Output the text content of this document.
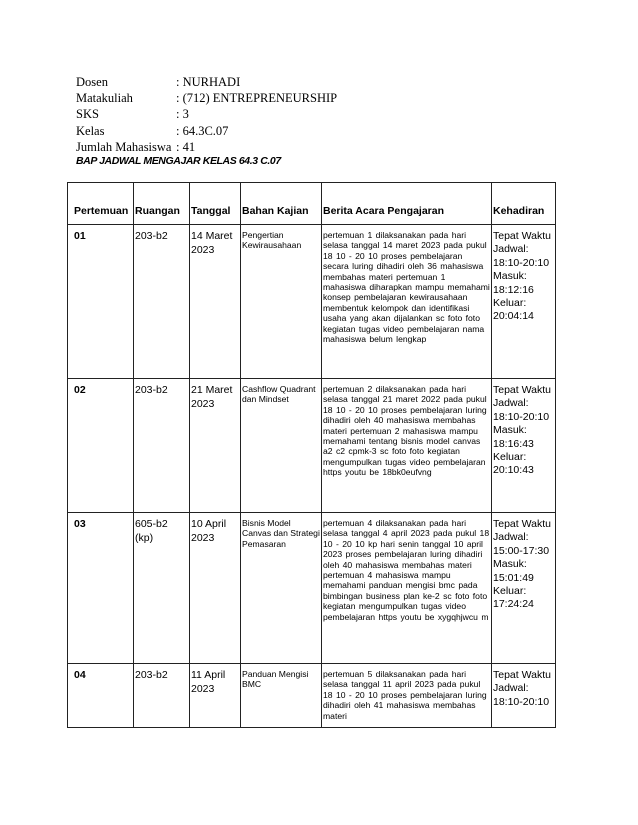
Dosen	: NURHADI
Matakuliah	: (712) ENTREPRENEURSHIP
SKS	: 3
Kelas	: 64.3C.07
Jumlah Mahasiswa : 41
BAP JADWAL MENGAJAR KELAS 64.3 C.07
Pertemuan	Ruangan	Tanggal	Bahan Kajian	Berita Acara Pengajaran	Kehadiran
01	203-b2	14 Maret 2023	Pengertian Kewirausahaan	pertemuan 1 dilaksanakan pada hari selasa tanggal 14 maret 2023 pada pukul 18 10 - 20 10 proses pembelajaran secara luring dihadiri oleh 36 mahasiswa membahas materi pertemuan 1 mahasiswa diharapkan mampu memahami konsep pembelajaran kewirausahaan membentuk kelompok dan identifikasi usaha yang akan dijalankan sc foto foto kegiatan tugas video pembelajaran nama mahasiswa belum lengkap	Tepat Waktu Jadwal: 18:10-20:10 Masuk: 18:12:16 Keluar: 20:04:14
02	203-b2	21 Maret 2023	Cashflow Quadrant dan Mindset	pertemuan 2 dilaksanakan pada hari selasa tanggal 21 maret 2022 pada pukul 18 10 - 20 10 proses pembelajaran luring dihadiri oleh 40 mahasiswa membahas materi pertemuan 2 mahasiswa mampu memahami tentang bisnis model canvas a2 c2 cpmk-3 sc foto foto kegiatan mengumpulkan tugas video pembelajaran https youtu be 18bk0eufvng	Tepat Waktu Jadwal: 18:10-20:10 Masuk: 18:16:43 Keluar: 20:10:43
03	605-b2 (kp)	10 April 2023	Bisnis Model Canvas dan Strategi Pemasaran	pertemuan 4 dilaksanakan pada hari selasa tanggal 4 april 2023 pada pukul 18 10 - 20 10 kp hari senin tanggal 10 april 2023 proses pembelajaran luring dihadiri oleh 40 mahasiswa membahas materi pertemuan 4 mahasiswa mampu memahami panduan mengisi bmc pada bimbingan business plan ke-2 sc foto foto kegiatan mengumpulkan tugas video pembelajaran https youtu be xygqhjwcu m	Tepat Waktu Jadwal: 15:00-17:30 Masuk: 15:01:49 Keluar: 17:24:24
04	203-b2	11 April 2023	Panduan Mengisi BMC	pertemuan 5 dilaksanakan pada hari selasa tanggal 11 april 2023 pada pukul 18 10 - 20 10 proses pembelajaran luring dihadiri oleh 41 mahasiswa membahas materi	Tepat Waktu Jadwal: 18:10-20:10
